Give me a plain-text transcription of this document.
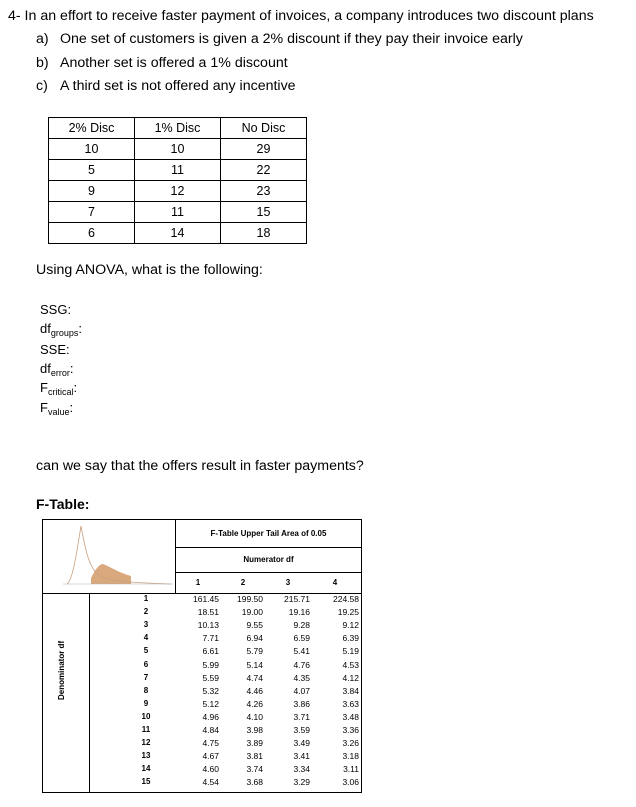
4- In an effort to receive faster payment of invoices, a company introduces two discount plans
a) One set of customers is given a 2% discount if they pay their invoice early
b) Another set is offered a 1% discount
c) A third set is not offered any incentive
2% Disc	1% Disc	No Disc
10	10	29
5	11	22
9	12	23
7	11	15
6	14	18
Using ANOVA, what is the following:
SSG:
$df_{groups}$:
SSE:
$df_{error}$:
$F_{critical}$:
$F_{value}$:
can we say that the offers result in faster payments?
F-Table:
F-Table Upper Tail Area of 0.05
Numerator df
1	2	3	4
Denominator df
1	161.45	199.50	215.71	224.58
2	18.51	19.00	19.16	19.25
3	10.13	9.55	9.28	9.12
4	7.71	6.94	6.59	6.39
5	6.61	5.79	5.41	5.19
6	5.99	5.14	4.76	4.53
7	5.59	4.74	4.35	4.12
8	5.32	4.46	4.07	3.84
9	5.12	4.26	3.86	3.63
10	4.96	4.10	3.71	3.48
11	4.84	3.98	3.59	3.36
12	4.75	3.89	3.49	3.26
13	4.67	3.81	3.41	3.18
14	4.60	3.74	3.34	3.11
15	4.54	3.68	3.29	3.06
